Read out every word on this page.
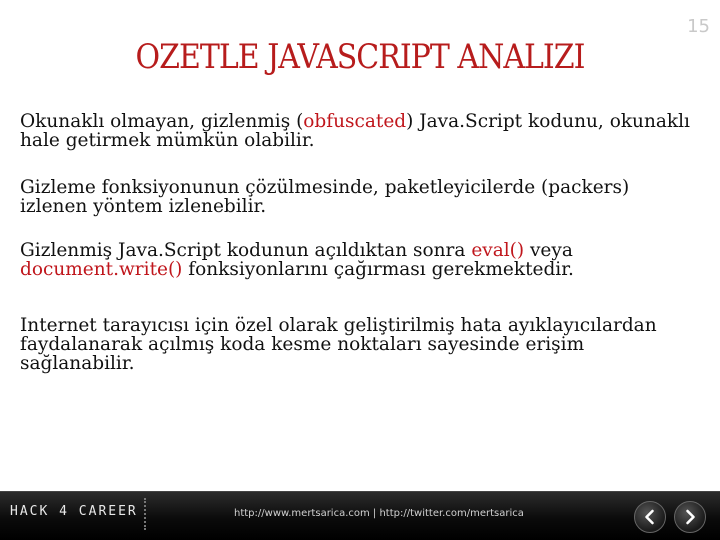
15
OZETLE JAVASCRIPT ANALIZI

Okunaklı olmayan, gizlenmiş (obfuscated) Java.Script kodunu, okunaklı hale getirmek mümkün olabilir.

Gizleme fonksiyonunun çözülmesinde, paketleyicilerde (packers) izlenen yöntem izlenebilir.

Gizlenmiş Java.Script kodunun açıldıktan sonra eval() veya document.write() fonksiyonlarını çağırması gerekmektedir.

Internet tarayıcısı için özel olarak geliştirilmiş hata ayıklayıcılardan faydalanarak açılmış koda kesme noktaları sayesinde erişim sağlanabilir.

HACK 4 CAREER	http://www.mertsarica.com | http://twitter.com/mertsarica
